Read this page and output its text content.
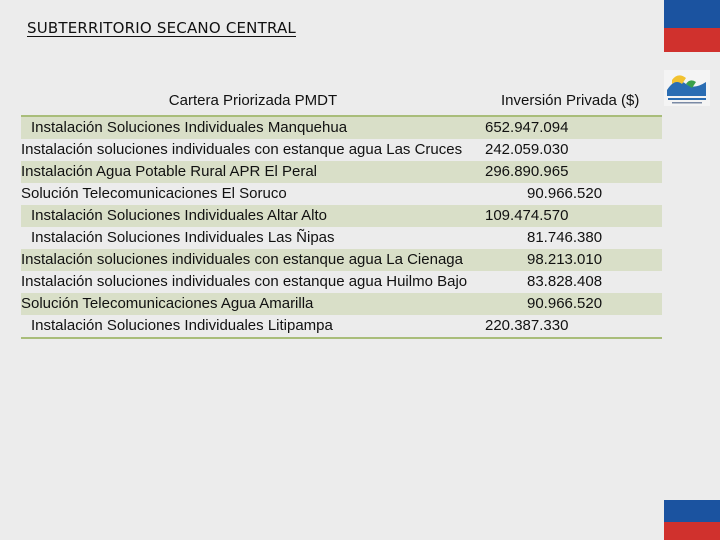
SUBTERRITORIO SECANO CENTRAL
Cartera Priorizada PMDT	Inversión Privada ($)
Instalación Soluciones Individuales Manquehua	652.947.094
Instalación soluciones individuales con estanque agua Las Cruces	242.059.030
Instalación Agua Potable Rural APR El Peral	296.890.965
Solución Telecomunicaciones El Soruco	90.966.520
Instalación Soluciones Individuales Altar Alto	109.474.570
Instalación Soluciones Individuales Las Ñipas	81.746.380
Instalación soluciones individuales con estanque agua La Cienaga	98.213.010
Instalación soluciones individuales con estanque agua Huilmo Bajo	83.828.408
Solución Telecomunicaciones Agua Amarilla	90.966.520
Instalación Soluciones Individuales Litipampa	220.387.330
